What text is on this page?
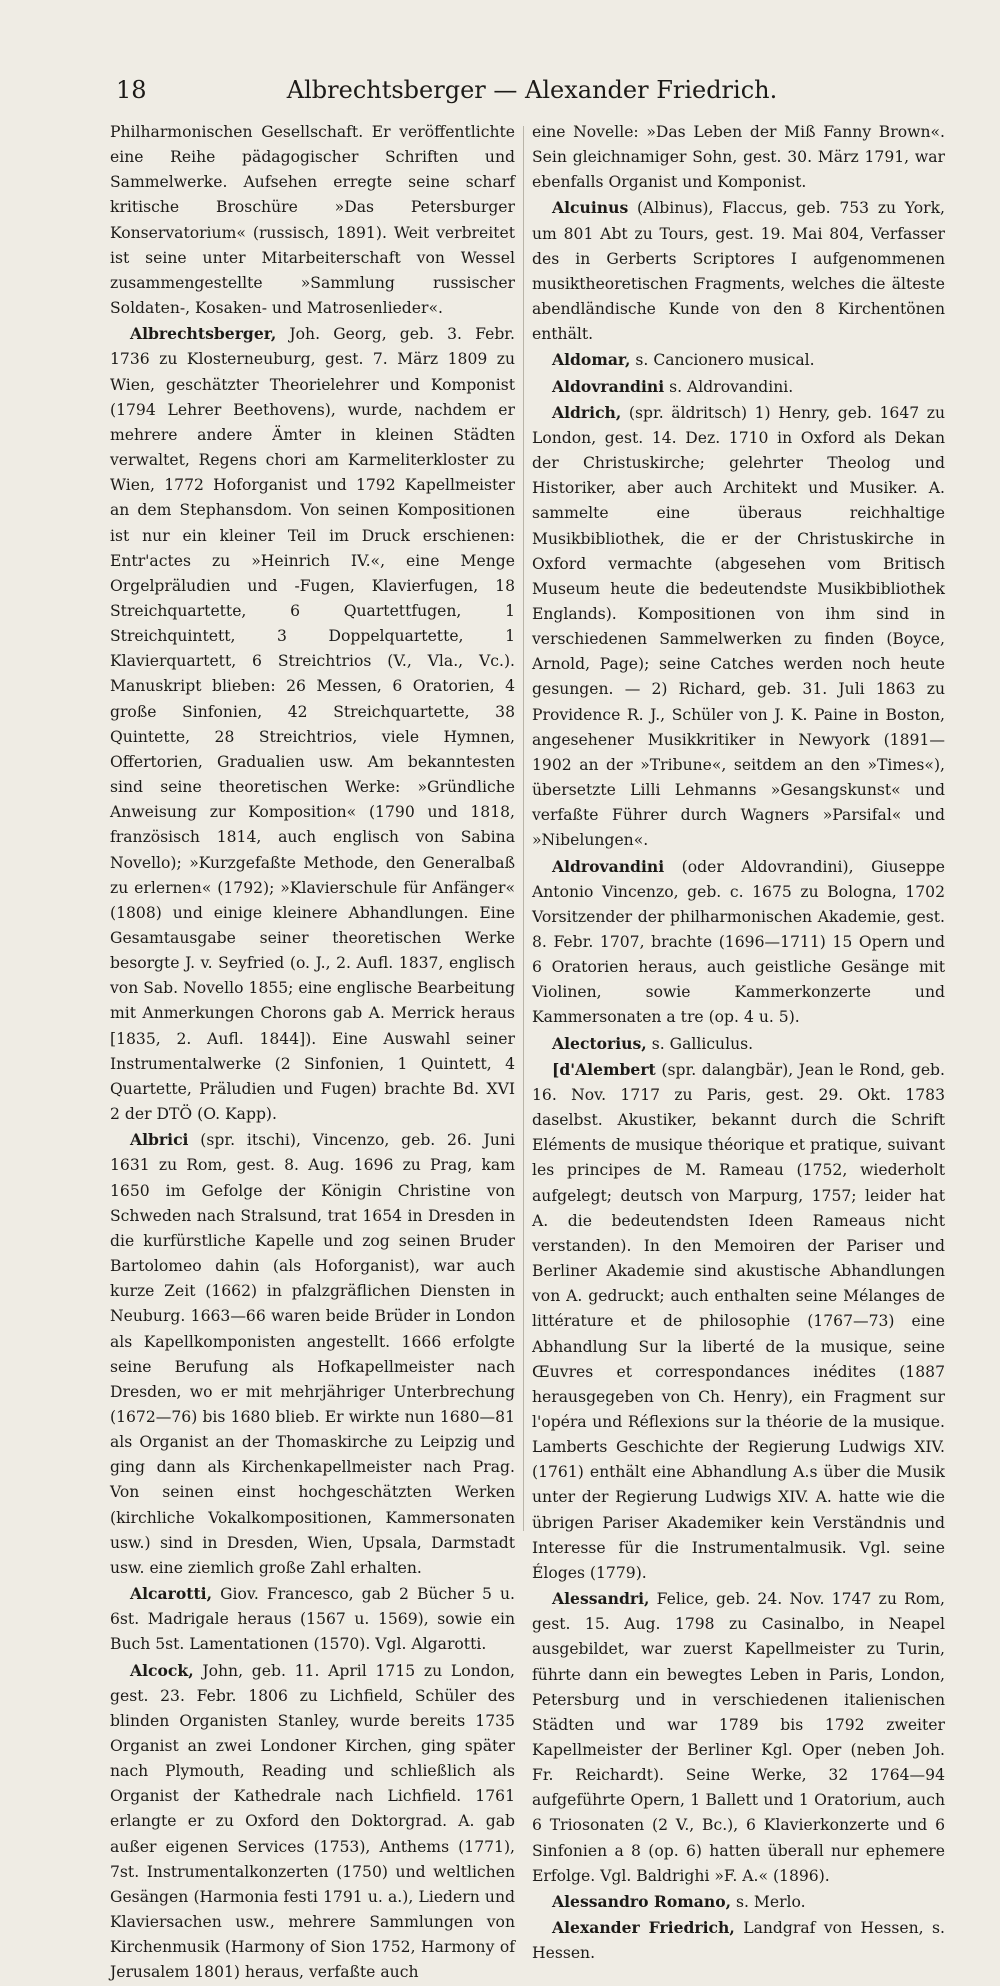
18	Albrechtsberger — Alexander Friedrich.

Philharmonischen Gesellschaft. Er veröffentlichte eine Reihe pädagogischer Schriften und Sammelwerke. Aufsehen erregte seine scharf kritische Broschüre »Das Petersburger Konservatorium« (russisch, 1891). Weit verbreitet ist seine unter Mitarbeiterschaft von Wessel zusammengestellte »Sammlung russischer Soldaten-, Kosaken- und Matrosenlieder«.

Albrechtsberger, Joh. Georg, geb. 3. Febr. 1736 zu Klosterneuburg, gest. 7. März 1809 zu Wien, geschätzter Theorielehrer und Komponist (1794 Lehrer Beethovens), wurde, nachdem er mehrere andere Ämter in kleinen Städten verwaltet, Regens chori am Karmeliterkloster zu Wien, 1772 Hoforganist und 1792 Kapellmeister an dem Stephansdom. Von seinen Kompositionen ist nur ein kleiner Teil im Druck erschienen: Entr'actes zu »Heinrich IV.«, eine Menge Orgelpräludien und -Fugen, Klavierfugen, 18 Streichquartette, 6 Quartettfugen, 1 Streichquintett, 3 Doppelquartette, 1 Klavierquartett, 6 Streichtrios (V., Vla., Vc.). Manuskript blieben: 26 Messen, 6 Oratorien, 4 große Sinfonien, 42 Streichquartette, 38 Quintette, 28 Streichtrios, viele Hymnen, Offertorien, Gradualien usw. Am bekanntesten sind seine theoretischen Werke: »Gründliche Anweisung zur Komposition« (1790 und 1818, französisch 1814, auch englisch von Sabina Novello); »Kurzgefaßte Methode, den Generalbaß zu erlernen« (1792); »Klavierschule für Anfänger« (1808) und einige kleinere Abhandlungen. Eine Gesamtausgabe seiner theoretischen Werke besorgte J. v. Seyfried (o. J., 2. Aufl. 1837, englisch von Sab. Novello 1855; eine englische Bearbeitung mit Anmerkungen Chorons gab A. Merrick heraus [1835, 2. Aufl. 1844]). Eine Auswahl seiner Instrumentalwerke (2 Sinfonien, 1 Quintett, 4 Quartette, Präludien und Fugen) brachte Bd. XVI 2 der DTÖ (O. Kapp).

Albrici (spr. itschi), Vincenzo, geb. 26. Juni 1631 zu Rom, gest. 8. Aug. 1696 zu Prag, kam 1650 im Gefolge der Königin Christine von Schweden nach Stralsund, trat 1654 in Dresden in die kurfürstliche Kapelle und zog seinen Bruder Bartolomeo dahin (als Hoforganist), war auch kurze Zeit (1662) in pfalzgräflichen Diensten in Neuburg. 1663—66 waren beide Brüder in London als Kapellkomponisten angestellt. 1666 erfolgte seine Berufung als Hofkapellmeister nach Dresden, wo er mit mehrjähriger Unterbrechung (1672—76) bis 1680 blieb. Er wirkte nun 1680—81 als Organist an der Thomaskirche zu Leipzig und ging dann als Kirchenkapellmeister nach Prag. Von seinen einst hochgeschätzten Werken (kirchliche Vokalkompositionen, Kammersonaten usw.) sind in Dresden, Wien, Upsala, Darmstadt usw. eine ziemlich große Zahl erhalten.

Alcarotti, Giov. Francesco, gab 2 Bücher 5 u. 6st. Madrigale heraus (1567 u. 1569), sowie ein Buch 5st. Lamentationen (1570). Vgl. Algarotti.

Alcock, John, geb. 11. April 1715 zu London, gest. 23. Febr. 1806 zu Lichfield, Schüler des blinden Organisten Stanley, wurde bereits 1735 Organist an zwei Londoner Kirchen, ging später nach Plymouth, Reading und schließlich als Organist der Kathedrale nach Lichfield. 1761 erlangte er zu Oxford den Doktorgrad. A. gab außer eigenen Services (1753), Anthems (1771), 7st. Instrumentalkonzerten (1750) und weltlichen Gesängen (Harmonia festi 1791 u. a.), Liedern und Klaviersachen usw., mehrere Sammlungen von Kirchenmusik (Harmony of Sion 1752, Harmony of Jerusalem 1801) heraus, verfaßte auch

eine Novelle: »Das Leben der Miß Fanny Brown«. Sein gleichnamiger Sohn, gest. 30. März 1791, war ebenfalls Organist und Komponist.

Alcuinus (Albinus), Flaccus, geb. 753 zu York, um 801 Abt zu Tours, gest. 19. Mai 804, Verfasser des in Gerberts Scriptores I aufgenommenen musiktheoretischen Fragments, welches die älteste abendländische Kunde von den 8 Kirchentönen enthält.

Aldomar, s. Cancionero musical.

Aldovrandini s. Aldrovandini.

Aldrich, (spr. äldritsch) 1) Henry, geb. 1647 zu London, gest. 14. Dez. 1710 in Oxford als Dekan der Christuskirche; gelehrter Theolog und Historiker, aber auch Architekt und Musiker. A. sammelte eine überaus reichhaltige Musikbibliothek, die er der Christuskirche in Oxford vermachte (abgesehen vom Britisch Museum heute die bedeutendste Musikbibliothek Englands). Kompositionen von ihm sind in verschiedenen Sammelwerken zu finden (Boyce, Arnold, Page); seine Catches werden noch heute gesungen. — 2) Richard, geb. 31. Juli 1863 zu Providence R. J., Schüler von J. K. Paine in Boston, angesehener Musikkritiker in Newyork (1891—1902 an der »Tribune«, seitdem an den »Times«), übersetzte Lilli Lehmanns »Gesangskunst« und verfaßte Führer durch Wagners »Parsifal« und »Nibelungen«.

Aldrovandini (oder Aldovrandini), Giuseppe Antonio Vincenzo, geb. c. 1675 zu Bologna, 1702 Vorsitzender der philharmonischen Akademie, gest. 8. Febr. 1707, brachte (1696—1711) 15 Opern und 6 Oratorien heraus, auch geistliche Gesänge mit Violinen, sowie Kammerkonzerte und Kammersonaten a tre (op. 4 u. 5).

Alectorius, s. Galliculus.

[d'Alembert (spr. dalangbär), Jean le Rond, geb. 16. Nov. 1717 zu Paris, gest. 29. Okt. 1783 daselbst. Akustiker, bekannt durch die Schrift Eléments de musique théorique et pratique, suivant les principes de M. Rameau (1752, wiederholt aufgelegt; deutsch von Marpurg, 1757; leider hat A. die bedeutendsten Ideen Rameaus nicht verstanden). In den Memoiren der Pariser und Berliner Akademie sind akustische Abhandlungen von A. gedruckt; auch enthalten seine Mélanges de littérature et de philosophie (1767—73) eine Abhandlung Sur la liberté de la musique, seine Œuvres et correspondances inédites (1887 herausgegeben von Ch. Henry), ein Fragment sur l'opéra und Réflexions sur la théorie de la musique. Lamberts Geschichte der Regierung Ludwigs XIV. (1761) enthält eine Abhandlung A.s über die Musik unter der Regierung Ludwigs XIV. A. hatte wie die übrigen Pariser Akademiker kein Verständnis und Interesse für die Instrumentalmusik. Vgl. seine Éloges (1779).

Alessandri, Felice, geb. 24. Nov. 1747 zu Rom, gest. 15. Aug. 1798 zu Casinalbo, in Neapel ausgebildet, war zuerst Kapellmeister zu Turin, führte dann ein bewegtes Leben in Paris, London, Petersburg und in verschiedenen italienischen Städten und war 1789 bis 1792 zweiter Kapellmeister der Berliner Kgl. Oper (neben Joh. Fr. Reichardt). Seine Werke, 32 1764—94 aufgeführte Opern, 1 Ballett und 1 Oratorium, auch 6 Triosonaten (2 V., Bc.), 6 Klavierkonzerte und 6 Sinfonien a 8 (op. 6) hatten überall nur ephemere Erfolge. Vgl. Baldrighi »F. A.« (1896).

Alessandro Romano, s. Merlo.

Alexander Friedrich, Landgraf von Hessen, s. Hessen.
